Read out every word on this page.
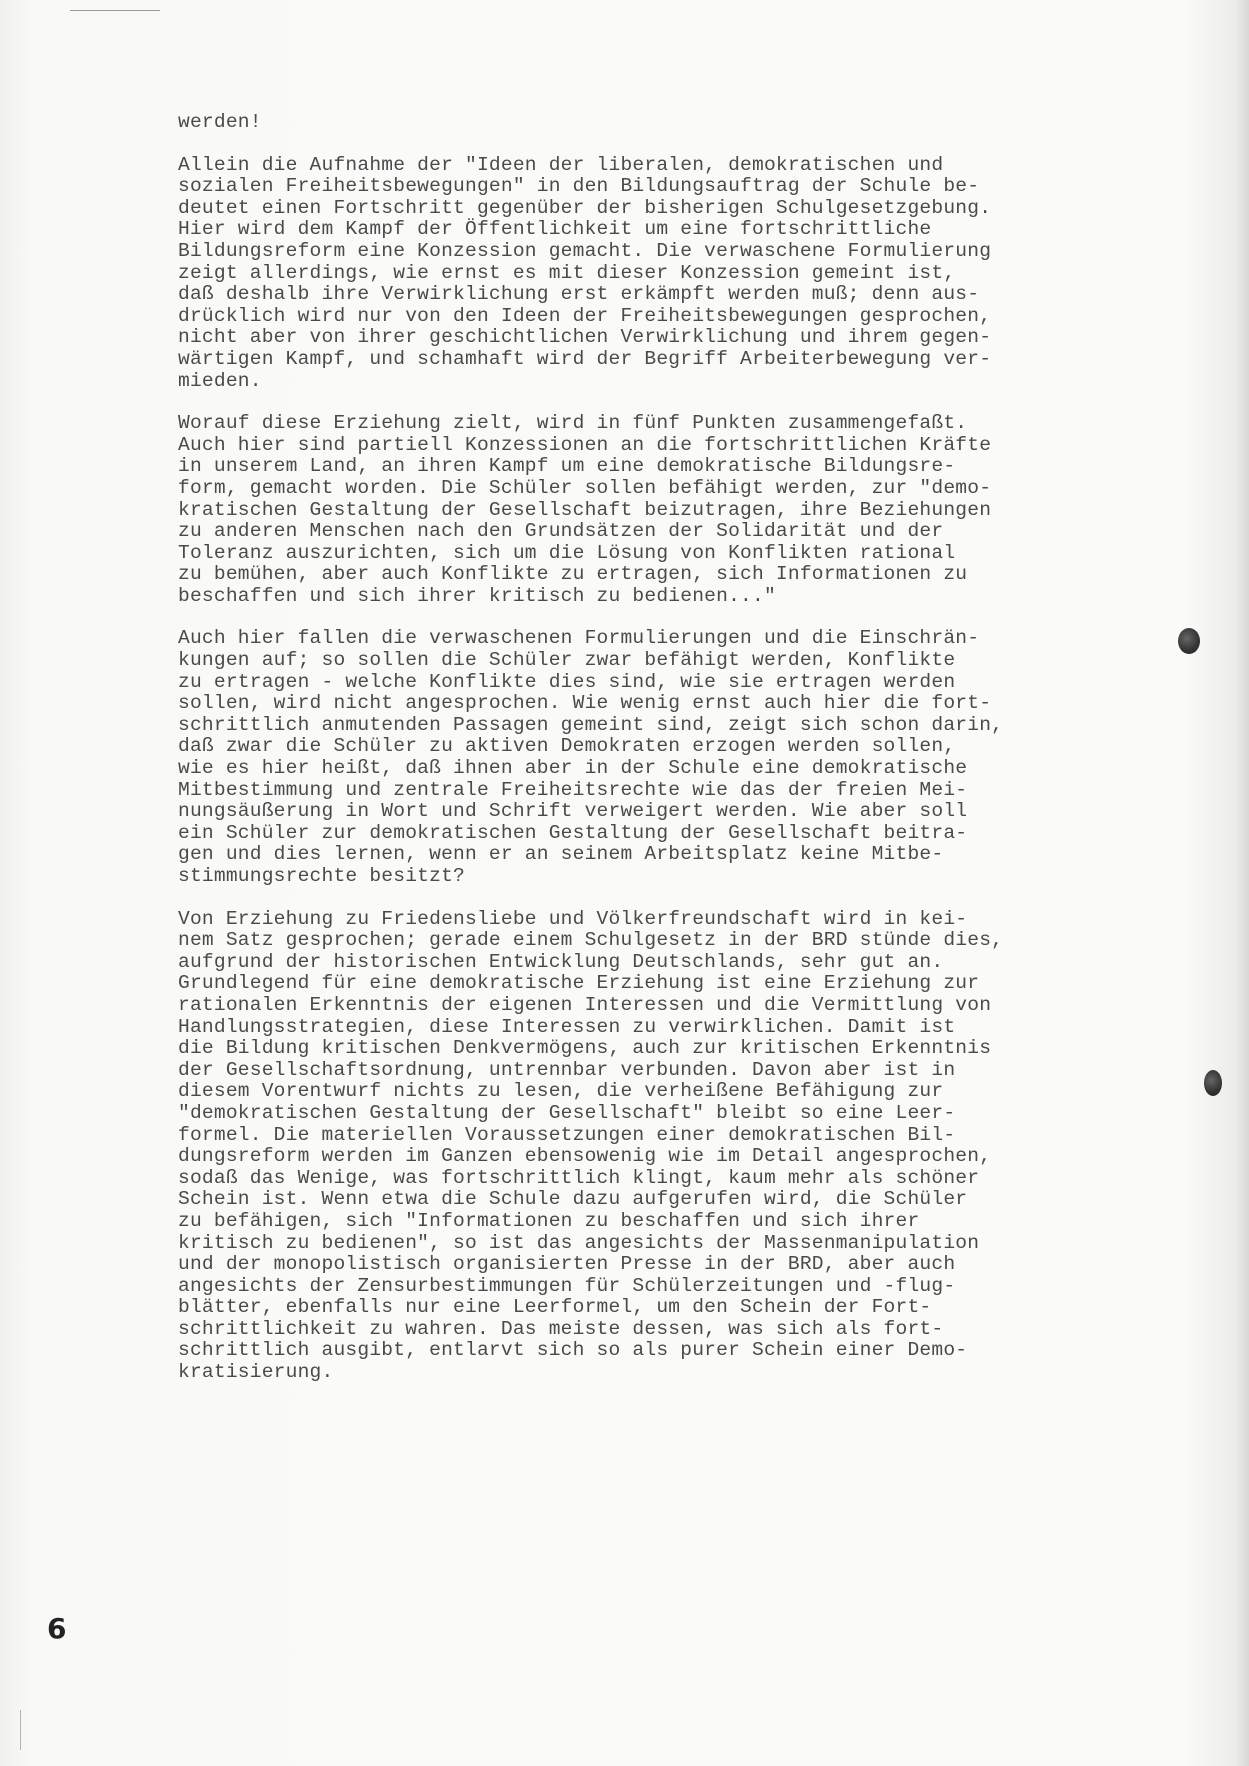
werden!

Allein die Aufnahme der "Ideen der liberalen, demokratischen und
sozialen Freiheitsbewegungen" in den Bildungsauftrag der Schule be-
deutet einen Fortschritt gegenüber der bisherigen Schulgesetzgebung.
Hier wird dem Kampf der Öffentlichkeit um eine fortschrittliche
Bildungsreform eine Konzession gemacht. Die verwaschene Formulierung
zeigt allerdings, wie ernst es mit dieser Konzession gemeint ist,
daß deshalb ihre Verwirklichung erst erkämpft werden muß; denn aus-
drücklich wird nur von den Ideen der Freiheitsbewegungen gesprochen,
nicht aber von ihrer geschichtlichen Verwirklichung und ihrem gegen-
wärtigen Kampf, und schamhaft wird der Begriff Arbeiterbewegung ver-
mieden.

Worauf diese Erziehung zielt, wird in fünf Punkten zusammengefaßt.
Auch hier sind partiell Konzessionen an die fortschrittlichen Kräfte
in unserem Land, an ihren Kampf um eine demokratische Bildungsre-
form, gemacht worden. Die Schüler sollen befähigt werden, zur "demo-
kratischen Gestaltung der Gesellschaft beizutragen, ihre Beziehungen
zu anderen Menschen nach den Grundsätzen der Solidarität und der
Toleranz auszurichten, sich um die Lösung von Konflikten rational
zu bemühen, aber auch Konflikte zu ertragen, sich Informationen zu
beschaffen und sich ihrer kritisch zu bedienen..."

Auch hier fallen die verwaschenen Formulierungen und die Einschrän-
kungen auf; so sollen die Schüler zwar befähigt werden, Konflikte
zu ertragen - welche Konflikte dies sind, wie sie ertragen werden
sollen, wird nicht angesprochen. Wie wenig ernst auch hier die fort-
schrittlich anmutenden Passagen gemeint sind, zeigt sich schon darin,
daß zwar die Schüler zu aktiven Demokraten erzogen werden sollen,
wie es hier heißt, daß ihnen aber in der Schule eine demokratische
Mitbestimmung und zentrale Freiheitsrechte wie das der freien Mei-
nungsäußerung in Wort und Schrift verweigert werden. Wie aber soll
ein Schüler zur demokratischen Gestaltung der Gesellschaft beitra-
gen und dies lernen, wenn er an seinem Arbeitsplatz keine Mitbe-
stimmungsrechte besitzt?

Von Erziehung zu Friedensliebe und Völkerfreundschaft wird in kei-
nem Satz gesprochen; gerade einem Schulgesetz in der BRD stünde dies,
aufgrund der historischen Entwicklung Deutschlands, sehr gut an.
Grundlegend für eine demokratische Erziehung ist eine Erziehung zur
rationalen Erkenntnis der eigenen Interessen und die Vermittlung von
Handlungsstrategien, diese Interessen zu verwirklichen. Damit ist
die Bildung kritischen Denkvermögens, auch zur kritischen Erkenntnis
der Gesellschaftsordnung, untrennbar verbunden. Davon aber ist in
diesem Vorentwurf nichts zu lesen, die verheißene Befähigung zur
"demokratischen Gestaltung der Gesellschaft" bleibt so eine Leer-
formel. Die materiellen Voraussetzungen einer demokratischen Bil-
dungsreform werden im Ganzen ebensowenig wie im Detail angesprochen,
sodaß das Wenige, was fortschrittlich klingt, kaum mehr als schöner
Schein ist. Wenn etwa die Schule dazu aufgerufen wird, die Schüler
zu befähigen, sich "Informationen zu beschaffen und sich ihrer
kritisch zu bedienen", so ist das angesichts der Massenmanipulation
und der monopolistisch organisierten Presse in der BRD, aber auch
angesichts der Zensurbestimmungen für Schülerzeitungen und -flug-
blätter, ebenfalls nur eine Leerformel, um den Schein der Fort-
schrittlichkeit zu wahren. Das meiste dessen, was sich als fort-
schrittlich ausgibt, entlarvt sich so als purer Schein einer Demo-
kratisierung.

6
